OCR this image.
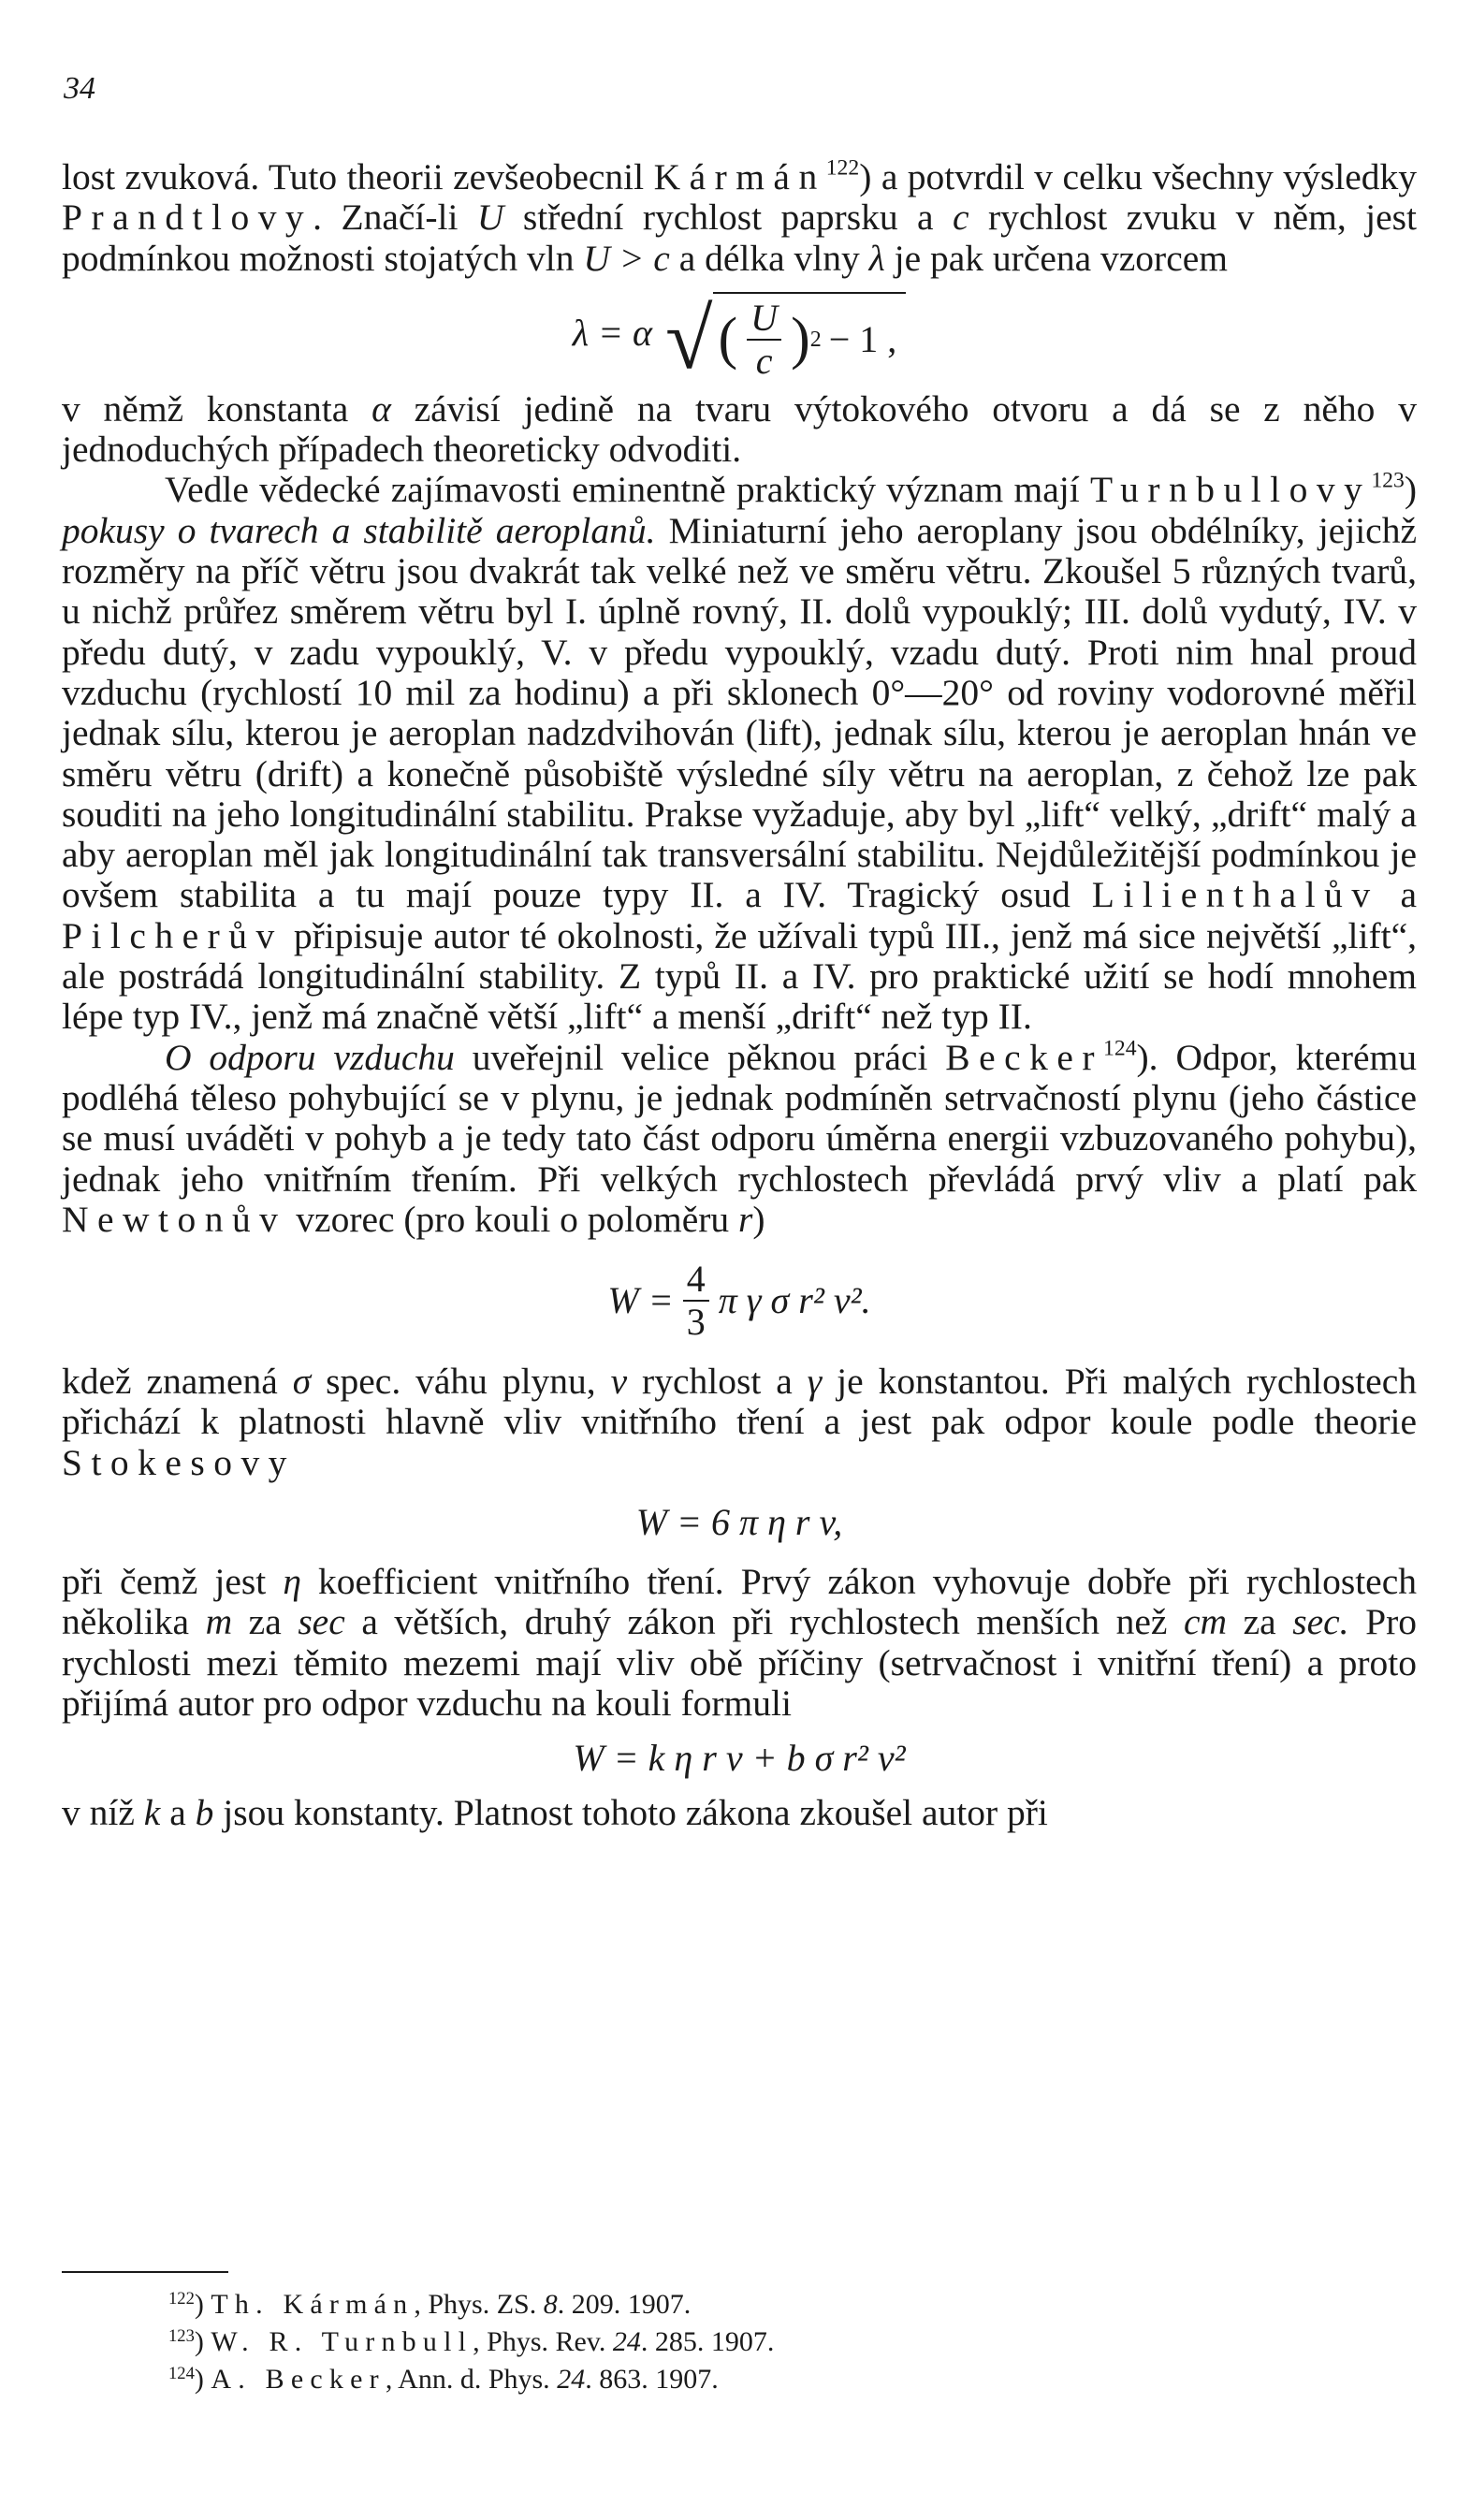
34

lost zvuková. Tuto theorii zevšeobecnil Kármán$^{122}$) a potvrdil v celku všechny výsledky Prandtlovy. Značí-li U střední rychlost paprsku a c rychlost zvuku v něm, jest podmínkou možnosti stojatých vln U > c a délka vlny λ je pak určena vzorcem

λ = α √ ( $\frac{U}{c}$ ) 2 − 1 ,

v němž konstanta α závisí jedině na tvaru výtokového otvoru a dá se z něho v jednoduchých případech theoreticky odvoditi.

Vedle vědecké zajímavosti eminentně praktický význam mají Turnbullovy$^{123}$) pokusy o tvarech a stabilitě aeroplanů. Miniaturní jeho aeroplany jsou obdélníky, jejichž rozměry na příč větru jsou dvakrát tak velké než ve směru větru. Zkoušel 5 různých tvarů, u nichž průřez směrem větru byl I. úplně rovný, II. dolů vypouklý; III. dolů vydutý, IV. v předu dutý, v zadu vypouklý, V. v předu vypouklý, vzadu dutý. Proti nim hnal proud vzduchu (rychlostí 10 mil za hodinu) a při sklonech 0°—20° od roviny vodorovné měřil jednak sílu, kterou je aeroplan nadzdvihován (lift), jednak sílu, kterou je aeroplan hnán ve směru větru (drift) a konečně působiště výsledné síly větru na aeroplan, z čehož lze pak souditi na jeho longitudinální stabilitu. Prakse vyžaduje, aby byl „lift“ velký, „drift“ malý a aby aeroplan měl jak longitudinální tak transversální stabilitu. Nejdůležitější podmínkou je ovšem stabilita a tu mají pouze typy II. a IV. Tragický osud Lilienthalův a Pilcherův připisuje autor té okolnosti, že užívali typů III., jenž má sice největší „lift“, ale postrádá longitudinální stability. Z typů II. a IV. pro praktické užití se hodí mnohem lépe typ IV., jenž má značně větší „lift“ a menší „drift“ než typ II.

O odporu vzduchu uveřejnil velice pěknou práci Becker$^{124}$). Odpor, kterému podléhá těleso pohybující se v plynu, je jednak podmíněn setrvačností plynu (jeho částice se musí uváděti v pohyb a je tedy tato část odporu úměrna energii vzbuzovaného pohybu), jednak jeho vnitřním třením. Při velkých rychlostech převládá prvý vliv a platí pak Newtonův vzorec (pro kouli o poloměru r)

$W = \frac{4}{3}$ π γ σ r² v².

kdež znamená σ spec. váhu plynu, v rychlost a γ je konstantou. Při malých rychlostech přichází k platnosti hlavně vliv vnitřního tření a jest pak odpor koule podle theorie Stokesovy

W = 6 π η r v,

při čemž jest η koefficient vnitřního tření. Prvý zákon vyhovuje dobře při rychlostech několika m za sec a větších, druhý zákon při rychlostech menších než cm za sec. Pro rychlosti mezi těmito mezemi mají vliv obě příčiny (setrvačnost i vnitřní tření) a proto přijímá autor pro odpor vzduchu na kouli formuli

W = k η r v + b σ r² v²

v níž k a b jsou konstanty. Platnost tohoto zákona zkoušel autor při

$^{122}$) Th. Kármán, Phys. ZS. 8. 209. 1907.
$^{123}$) W. R. Turnbull, Phys. Rev. 24. 285. 1907.
$^{124}$) A. Becker, Ann. d. Phys. 24. 863. 1907.
